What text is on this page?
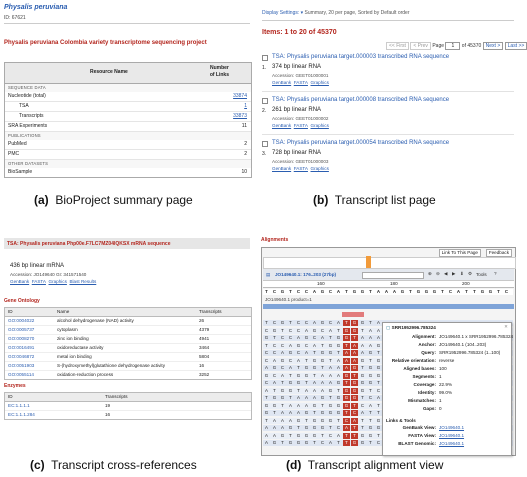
Physalis peruviana
ID: 67621
Physalis peruviana Colombia variety transcriptome sequencing project
Resource Name
Number
of Links
SEQUENCE DATA
Nucleotide (total)	33874
TSA	1
Transcripts	33873
SRA Experiments	11
PUBLICATIONS
PubMed	2
PMC	2
OTHER DATASETS
BioSample	10
(a) BioProject summary page
Display Settings: ▾ Summary, 20 per page, Sorted by Default order
Items: 1 to 20 of 45370
<< First < Prev Page 1 of 45370 Next > Last >>
1.
TSA: Physalis peruviana target.000003 transcribed RNA sequence
374 bp linear RNA
Accession: GEET01000001
GenBank FASTA Graphics
2.
TSA: Physalis peruviana target.000008 transcribed RNA sequence
261 bp linear RNA
Accession: GEET01000002
GenBank FASTA Graphics
3.
TSA: Physalis peruviana target.000054 transcribed RNA sequence
728 bp linear RNA
Accession: GEET01000003
GenBank FASTA Graphics
(b) Transcript list page
TSA: Physalis peruviana Php00e.F7LC7MZ04IQKSX mRNA sequence
436 bp linear mRNA
Accession: JO149640 GI: 341571540
GenBank FASTA Graphics Blast Results
Gene Ontology
ID	Name	Transcripts
GO:0004022	alcohol dehydrogenase (NAD) activity	26
GO:0005737	cytoplasm	4379
GO:0008270	zinc ion binding	4941
GO:0016491	oxidoreductase activity	3464
GO:0046872	metal ion binding	5804
GO:0051903	S-(hydroxymethyl)glutathione dehydrogenase activity	16
GO:0055114	oxidation-reduction process	3252
Enzymes
ID	Transcripts
EC:1.1.1.1	19
EC:1.1.1.284	16
(c) Transcript cross-references
Alignments
Link To This Page	Feedback
▤ JO149640.1: 176..203 (27bp)	⊕ ⊖ ◀ ▶ ⬇ ⚙ Tools ?
160	180	200
T	C	G	T	C	C	A	G	C	A	T	G	G	T	A	A	A	G	T	G	G	G	T	C	A	T	T	G	G	T	C
JO149640.1 product=1
T	C	G	T	C	C	A	G	C	A	T	G	G	T	A
C	G	T	C	C	A	G	C	A	T	G	G	T	A	A
G	T	C	C	A	G	C	A	T	G	G	T	A	A	A
T	C	C	A	G	C	A	T	G	G	T	A	A	A	G
C	C	A	G	C	A	T	G	G	T	A	A	A	G	T
C	A	G	C	A	T	G	G	T	A	A	A	G	T	G
A	G	C	A	T	G	G	T	A	A	A	G	T	G	G
G	C	A	T	G	G	T	A	A	A	G	T	G	G	G
C	A	T	G	G	T	A	A	A	G	T	G	G	G	T
A	T	G	G	T	A	A	A	G	T	G	G	G	T	C
T	G	G	T	A	A	A	G	T	G	G	G	T	C	A
G	G	T	A	A	A	G	T	G	G	G	T	C	A	T
G	T	A	A	A	G	T	G	G	G	T	C	A	T	T
T	A	A	A	G	T	G	G	G	T	C	A	T	T	G
A	A	A	G	T	G	G	G	T	C	A	T	T	G	G
A	A	G	T	G	G	G	T	C	A	T	T	G	G	T
A	G	T	G	G	G	T	C	A	T	T	G	G	T	C
▢ SRR1952996.785324	✕
Alignment: JO149640.1 x SRR1952996.785324
Anchor: JO149640.1 (104..203)
Query: SRR1952996.785324 (1..100)
Relative orientation: reverse
Aligned bases: 100
Segments: 1
Coverage: 22.9%
Identity: 99.0%
Mismatches: 1
Gaps: 0
Links & Tools
GenBank View: JO149640.1
FASTA View: JO149640.1
BLAST Genomic: JO149640.1
(d) Transcript alignment view
